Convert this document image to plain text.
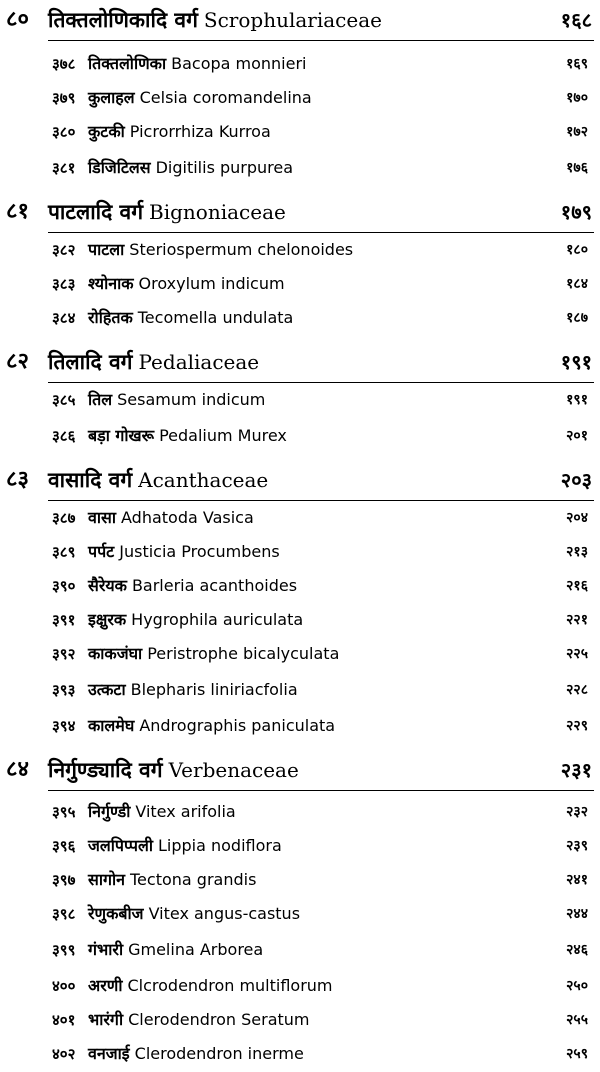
८० तिक्तलोणिकादि वर्ग Scrophulariaceae	१६८
३७८ तिक्तलोणिका Bacopa monnieri	१६९
३७९ कुलाहल Celsia coromandelina	१७०
३८० कुटकी Picrorrhiza Kurroa	१७२
३८१ डिजिटिलस Digitilis purpurea	१७६
८१ पाटलादि वर्ग Bignoniaceae	१७९
३८२ पाटला Steriospermum chelonoides	१८०
३८३ श्योनाक Oroxylum indicum	१८४
३८४ रोहितक Tecomella undulata	१८७
८२ तिलादि वर्ग Pedaliaceae	१९१
३८५ तिल Sesamum indicum	१९१
३८६ बड़ा गोखरू Pedalium Murex	२०१
८३ वासादि वर्ग Acanthaceae	२०३
३८७ वासा Adhatoda Vasica	२०४
३८९ पर्पट Justicia Procumbens	२१३
३९० सैरेयक Barleria acanthoides	२१६
३९१ इक्षुरक Hygrophila auriculata	२२१
३९२ काकजंघा Peristrophe bicalyculata	२२५
३९३ उत्कटा Blepharis liniriacfolia	२२८
३९४ कालमेघ Andrographis paniculata	२२९
८४ निर्गुण्ड्यादि वर्ग Verbenaceae	२३१
३९५ निर्गुण्डी Vitex arifolia	२३२
३९६ जलपिप्पली Lippia nodiflora	२३९
३९७ सागोन Tectona grandis	२४१
३९८ रेणुकबीज Vitex angus-castus	२४४
३९९ गंभारी Gmelina Arborea	२४६
४०० अरणी Clcrodendron multiflorum	२५०
४०१ भारंगी Clerodendron Seratum	२५५
४०२ वनजाई Clerodendron inerme	२५९
